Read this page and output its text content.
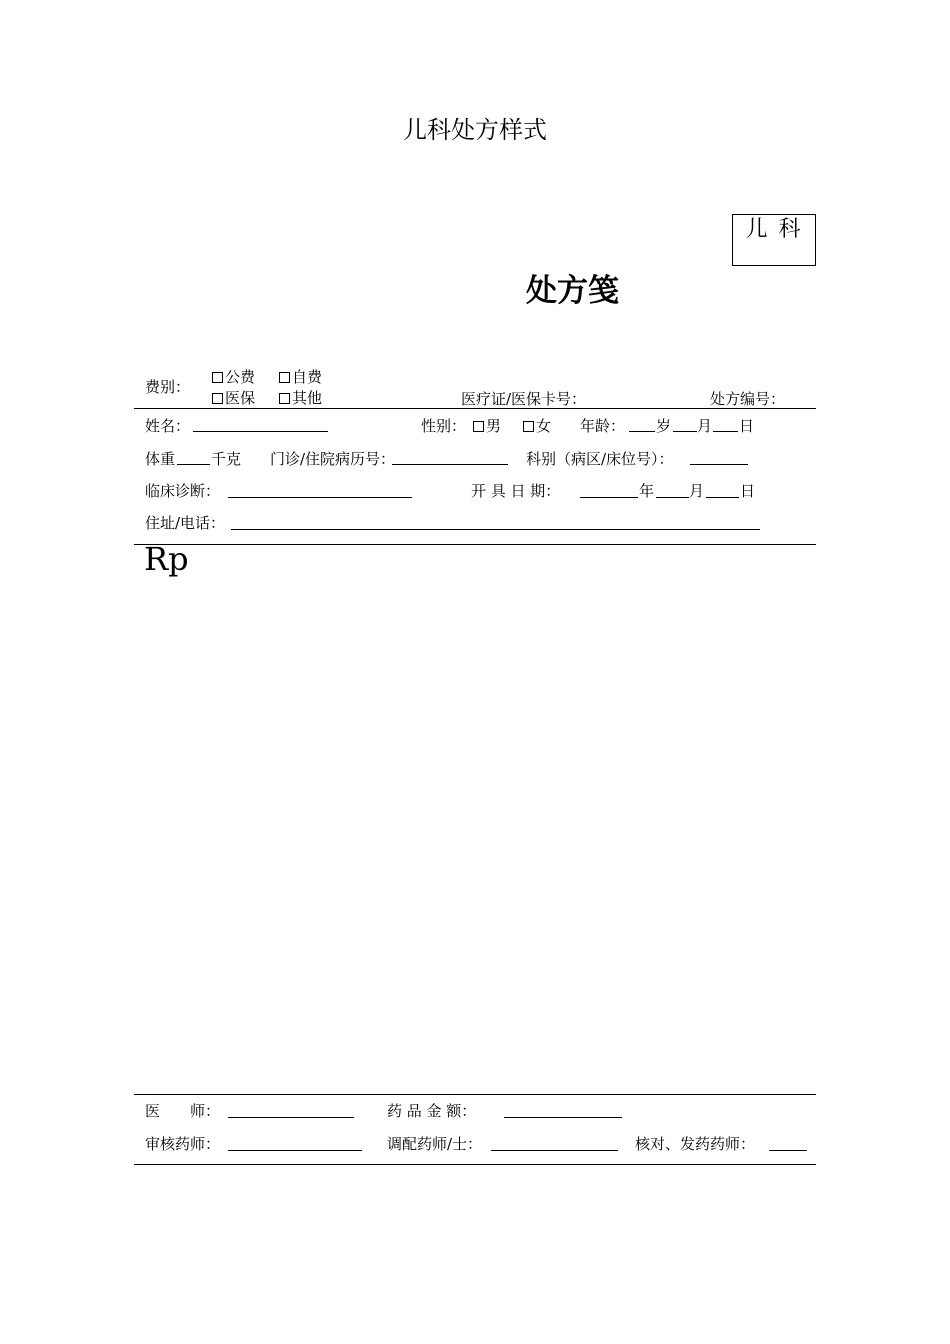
儿科处方样式
儿 科
处方笺
费别：
公费	自费
医保	其他	医疗证/医保卡号：	处方编号：
姓名：	性别：	男	女 年龄： 岁 月 日
体重 千克 门诊/住院病历号：	科别（病区/床位号）：
临床诊断：	开 具 日 期：	年 月 日
住址/电话：
Rp
医　　师：	药 品 金 额：
审核药师：	调配药师/士：	核对、发药药师：
